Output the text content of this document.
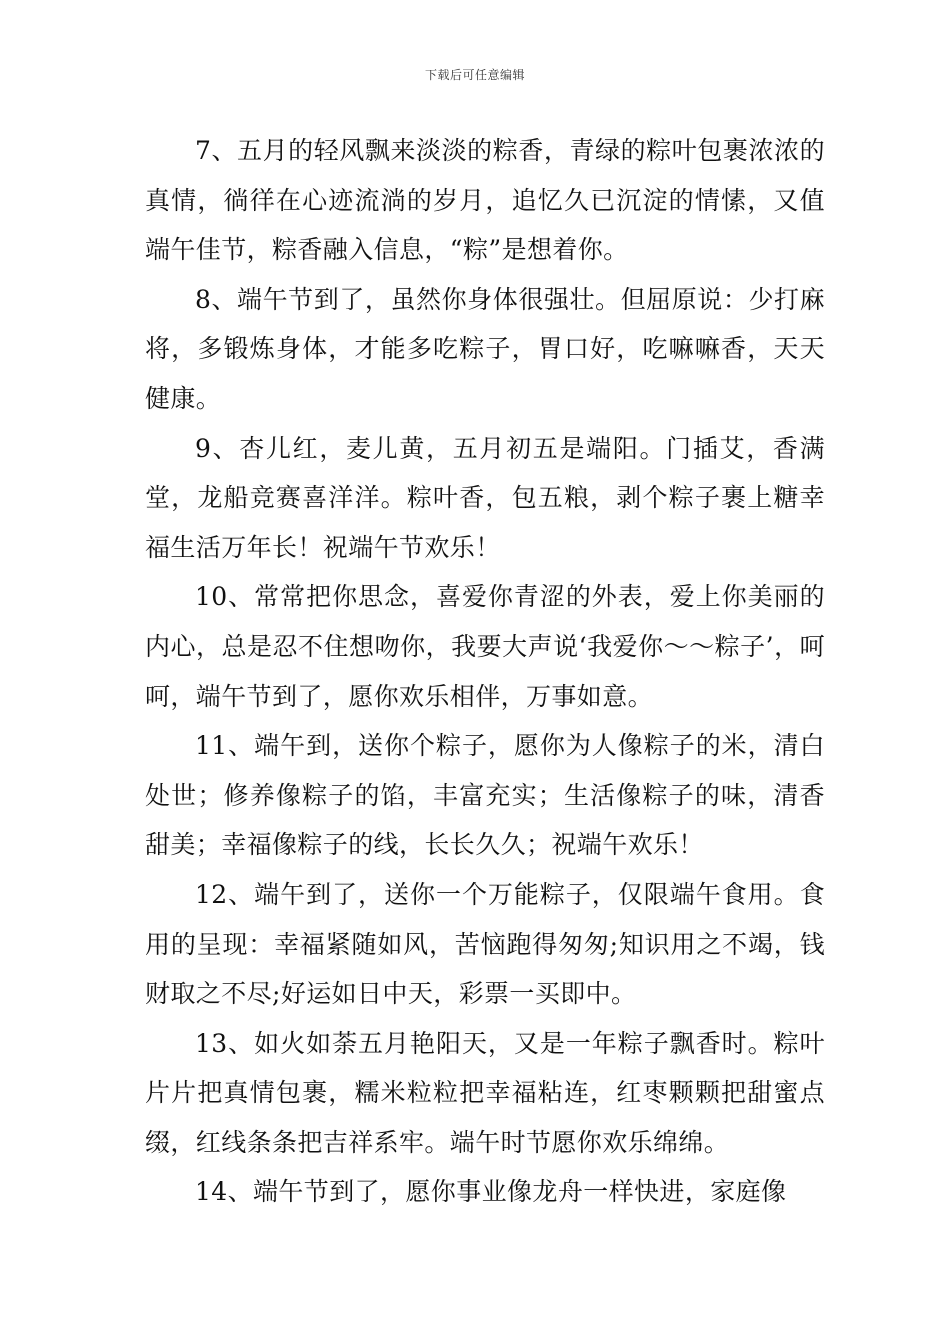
下载后可任意编辑

7、五月的轻风飘来淡淡的粽香，青绿的粽叶包裹浓浓的真情，徜徉在心迹流淌的岁月，追忆久已沉淀的情愫，又值端午佳节，粽香融入信息，“粽”是想着你。

8、端午节到了，虽然你身体很强壮。但屈原说：少打麻将，多锻炼身体，才能多吃粽子，胃口好，吃嘛嘛香，天天健康。

9、杏儿红，麦儿黄，五月初五是端阳。门插艾，香满堂，龙船竞赛喜洋洋。粽叶香，包五粮，剥个粽子裹上糖幸福生活万年长！祝端午节欢乐！

10、常常把你思念，喜爱你青涩的外表，爱上你美丽的内心，总是忍不住想吻你，我要大声说‘我爱你～～粽子’，呵呵，端午节到了，愿你欢乐相伴，万事如意。

11、端午到，送你个粽子，愿你为人像粽子的米，清白处世；修养像粽子的馅，丰富充实；生活像粽子的味，清香甜美；幸福像粽子的线，长长久久；祝端午欢乐！

12、端午到了，送你一个万能粽子，仅限端午食用。食用的呈现：幸福紧随如风，苦恼跑得匆匆;知识用之不竭，钱财取之不尽;好运如日中天，彩票一买即中。

13、如火如荼五月艳阳天，又是一年粽子飘香时。粽叶片片把真情包裹，糯米粒粒把幸福粘连，红枣颗颗把甜蜜点缀，红线条条把吉祥系牢。端午时节愿你欢乐绵绵。

14、端午节到了，愿你事业像龙舟一样快进，家庭像
